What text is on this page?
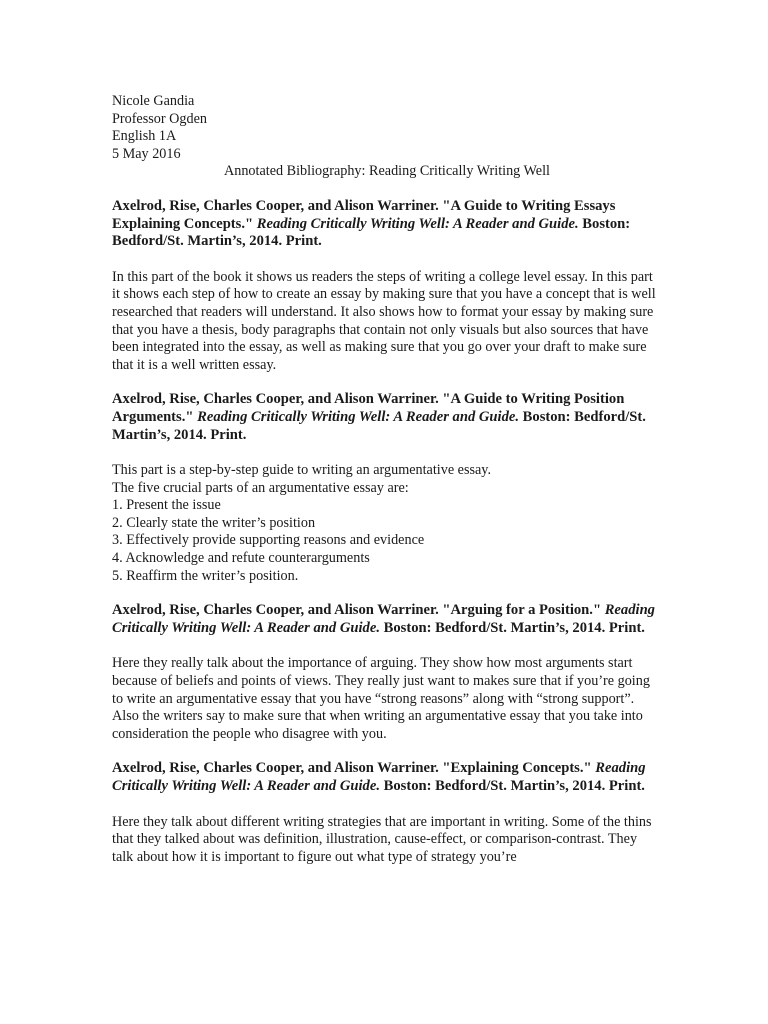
Nicole Gandia
Professor Ogden
English 1A
5 May 2016
Annotated Bibliography: Reading Critically Writing Well

Axelrod, Rise, Charles Cooper, and Alison Warriner. "A Guide to Writing Essays Explaining Concepts." Reading Critically Writing Well: A Reader and Guide. Boston: Bedford/St. Martin’s, 2014. Print.

In this part of the book it shows us readers the steps of writing a college level essay. In this part it shows each step of how to create an essay by making sure that you have a concept that is well researched that readers will understand. It also shows how to format your essay by making sure that you have a thesis, body paragraphs that contain not only visuals but also sources that have been integrated into the essay, as well as making sure that you go over your draft to make sure that it is a well written essay.

Axelrod, Rise, Charles Cooper, and Alison Warriner. "A Guide to Writing Position Arguments." Reading Critically Writing Well: A Reader and Guide. Boston: Bedford/St. Martin’s, 2014. Print.

This part is a step-by-step guide to writing an argumentative essay.
The five crucial parts of an argumentative essay are:
1. Present the issue
2. Clearly state the writer’s position
3. Effectively provide supporting reasons and evidence
4. Acknowledge and refute counterarguments
5. Reaffirm the writer’s position.

Axelrod, Rise, Charles Cooper, and Alison Warriner. "Arguing for a Position." Reading Critically Writing Well: A Reader and Guide. Boston: Bedford/St. Martin’s, 2014. Print.

Here they really talk about the importance of arguing. They show how most arguments start because of beliefs and points of views. They really just want to makes sure that if you’re going to write an argumentative essay that you have “strong reasons” along with “strong support”. Also the writers say to make sure that when writing an argumentative essay that you take into consideration the people who disagree with you.

Axelrod, Rise, Charles Cooper, and Alison Warriner. "Explaining Concepts." Reading Critically Writing Well: A Reader and Guide. Boston: Bedford/St. Martin’s, 2014. Print.

Here they talk about different writing strategies that are important in writing. Some of the thins that they talked about was definition, illustration, cause-effect, or comparison-contrast. They talk about how it is important to figure out what type of strategy you’re
